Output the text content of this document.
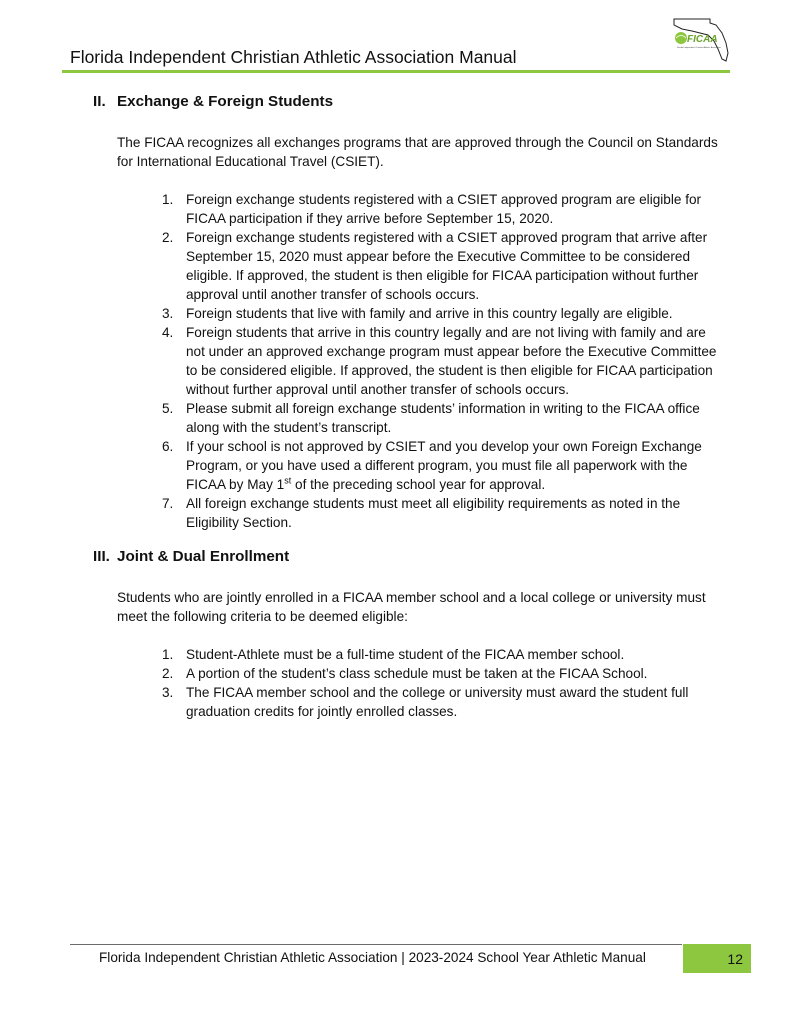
Florida Independent Christian Athletic Association Manual
FICAA
Florida Independent Christian Athletic Association
II. Exchange & Foreign Students

The FICAA recognizes all exchanges programs that are approved through the Council on Standards for International Educational Travel (CSIET).

1. Foreign exchange students registered with a CSIET approved program are eligible for FICAA participation if they arrive before September 15, 2020.
2. Foreign exchange students registered with a CSIET approved program that arrive after September 15, 2020 must appear before the Executive Committee to be considered eligible. If approved, the student is then eligible for FICAA participation without further approval until another transfer of schools occurs.
3. Foreign students that live with family and arrive in this country legally are eligible.
4. Foreign students that arrive in this country legally and are not living with family and are not under an approved exchange program must appear before the Executive Committee to be considered eligible. If approved, the student is then eligible for FICAA participation without further approval until another transfer of schools occurs.
5. Please submit all foreign exchange students’ information in writing to the FICAA office along with the student’s transcript.
6. If your school is not approved by CSIET and you develop your own Foreign Exchange Program, or you have used a different program, you must file all paperwork with the FICAA by May 1st of the preceding school year for approval.
7. All foreign exchange students must meet all eligibility requirements as noted in the Eligibility Section.
III. Joint & Dual Enrollment

Students who are jointly enrolled in a FICAA member school and a local college or university must meet the following criteria to be deemed eligible:

1. Student-Athlete must be a full-time student of the FICAA member school.
2. A portion of the student’s class schedule must be taken at the FICAA School.
3. The FICAA member school and the college or university must award the student full graduation credits for jointly enrolled classes.
Florida Independent Christian Athletic Association | 2023-2024 School Year Athletic Manual	12
